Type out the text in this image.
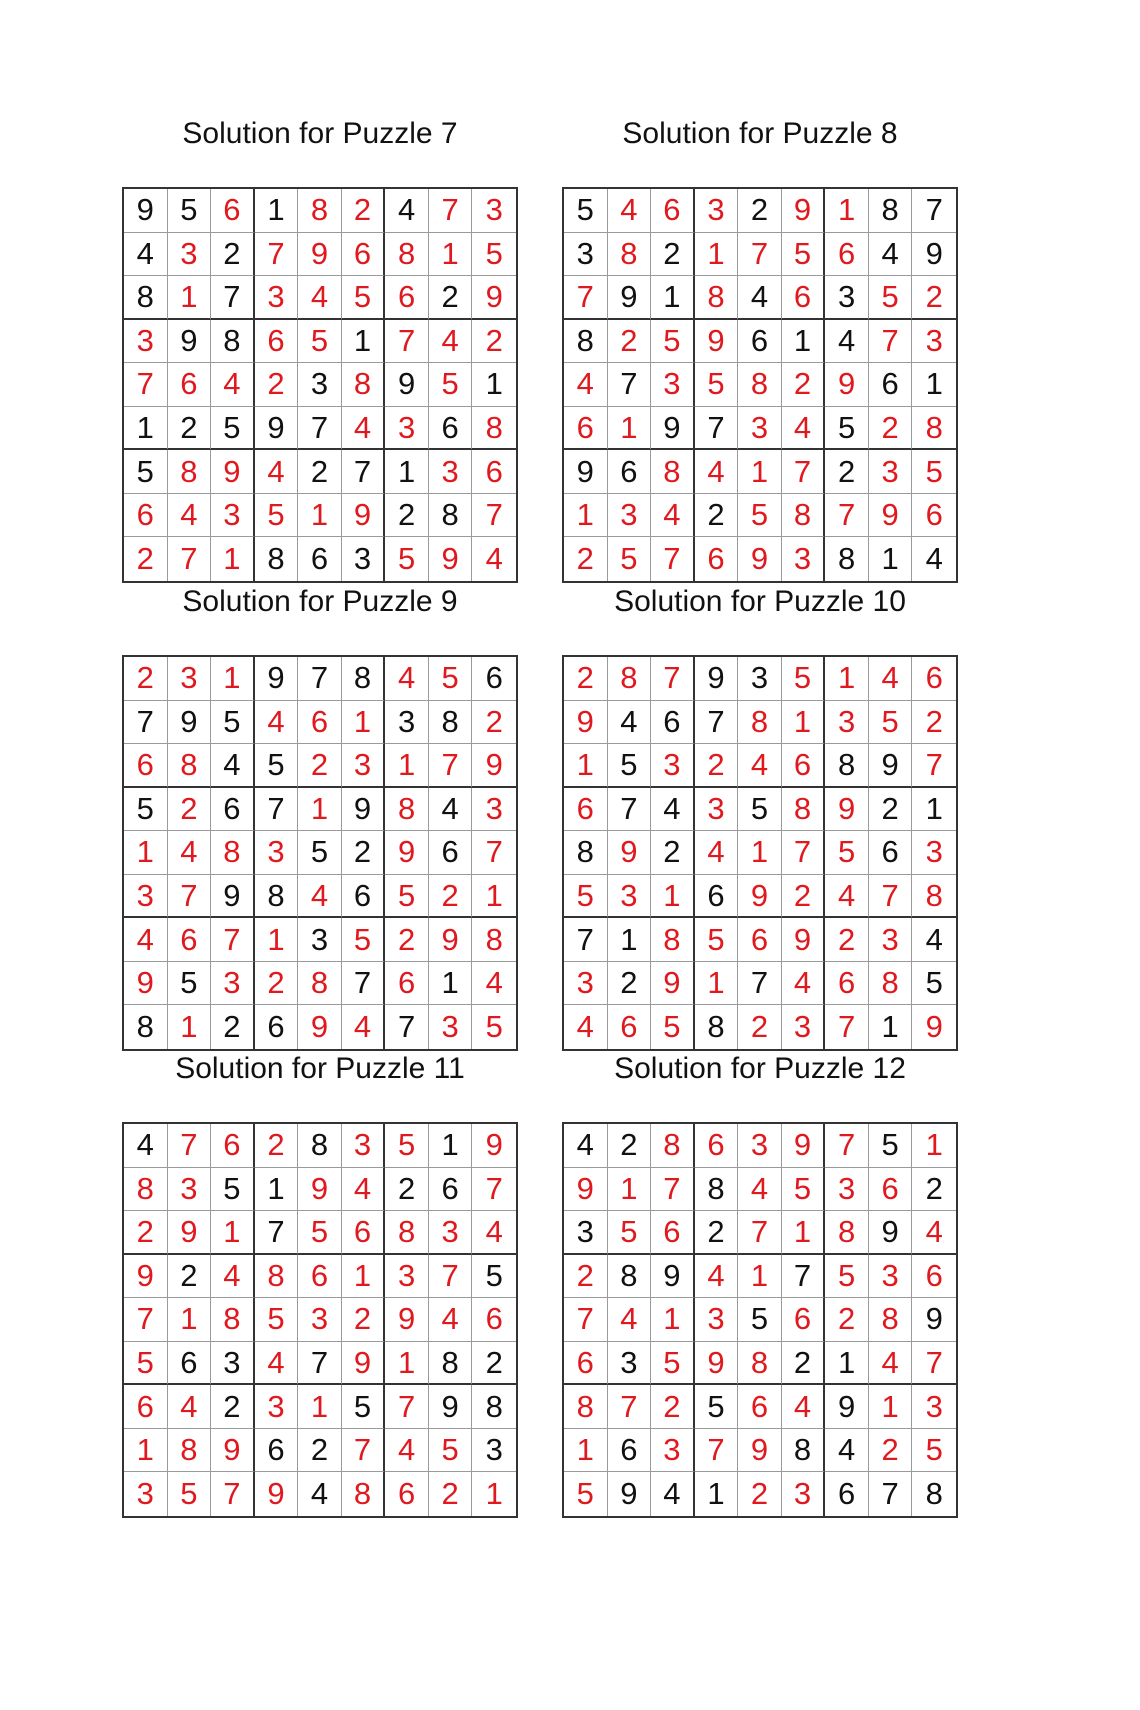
Solution for Puzzle 7
9 5 6 1 8 2 4 7 3
4 3 2 7 9 6 8 1 5
8 1 7 3 4 5 6 2 9
3 9 8 6 5 1 7 4 2
7 6 4 2 3 8 9 5 1
1 2 5 9 7 4 3 6 8
5 8 9 4 2 7 1 3 6
6 4 3 5 1 9 2 8 7
2 7 1 8 6 3 5 9 4
Solution for Puzzle 8
5 4 6 3 2 9 1 8 7
3 8 2 1 7 5 6 4 9
7 9 1 8 4 6 3 5 2
8 2 5 9 6 1 4 7 3
4 7 3 5 8 2 9 6 1
6 1 9 7 3 4 5 2 8
9 6 8 4 1 7 2 3 5
1 3 4 2 5 8 7 9 6
2 5 7 6 9 3 8 1 4
Solution for Puzzle 9
2 3 1 9 7 8 4 5 6
7 9 5 4 6 1 3 8 2
6 8 4 5 2 3 1 7 9
5 2 6 7 1 9 8 4 3
1 4 8 3 5 2 9 6 7
3 7 9 8 4 6 5 2 1
4 6 7 1 3 5 2 9 8
9 5 3 2 8 7 6 1 4
8 1 2 6 9 4 7 3 5
Solution for Puzzle 10
2 8 7 9 3 5 1 4 6
9 4 6 7 8 1 3 5 2
1 5 3 2 4 6 8 9 7
6 7 4 3 5 8 9 2 1
8 9 2 4 1 7 5 6 3
5 3 1 6 9 2 4 7 8
7 1 8 5 6 9 2 3 4
3 2 9 1 7 4 6 8 5
4 6 5 8 2 3 7 1 9
Solution for Puzzle 11
4 7 6 2 8 3 5 1 9
8 3 5 1 9 4 2 6 7
2 9 1 7 5 6 8 3 4
9 2 4 8 6 1 3 7 5
7 1 8 5 3 2 9 4 6
5 6 3 4 7 9 1 8 2
6 4 2 3 1 5 7 9 8
1 8 9 6 2 7 4 5 3
3 5 7 9 4 8 6 2 1
Solution for Puzzle 12
4 2 8 6 3 9 7 5 1
9 1 7 8 4 5 3 6 2
3 5 6 2 7 1 8 9 4
2 8 9 4 1 7 5 3 6
7 4 1 3 5 6 2 8 9
6 3 5 9 8 2 1 4 7
8 7 2 5 6 4 9 1 3
1 6 3 7 9 8 4 2 5
5 9 4 1 2 3 6 7 8
